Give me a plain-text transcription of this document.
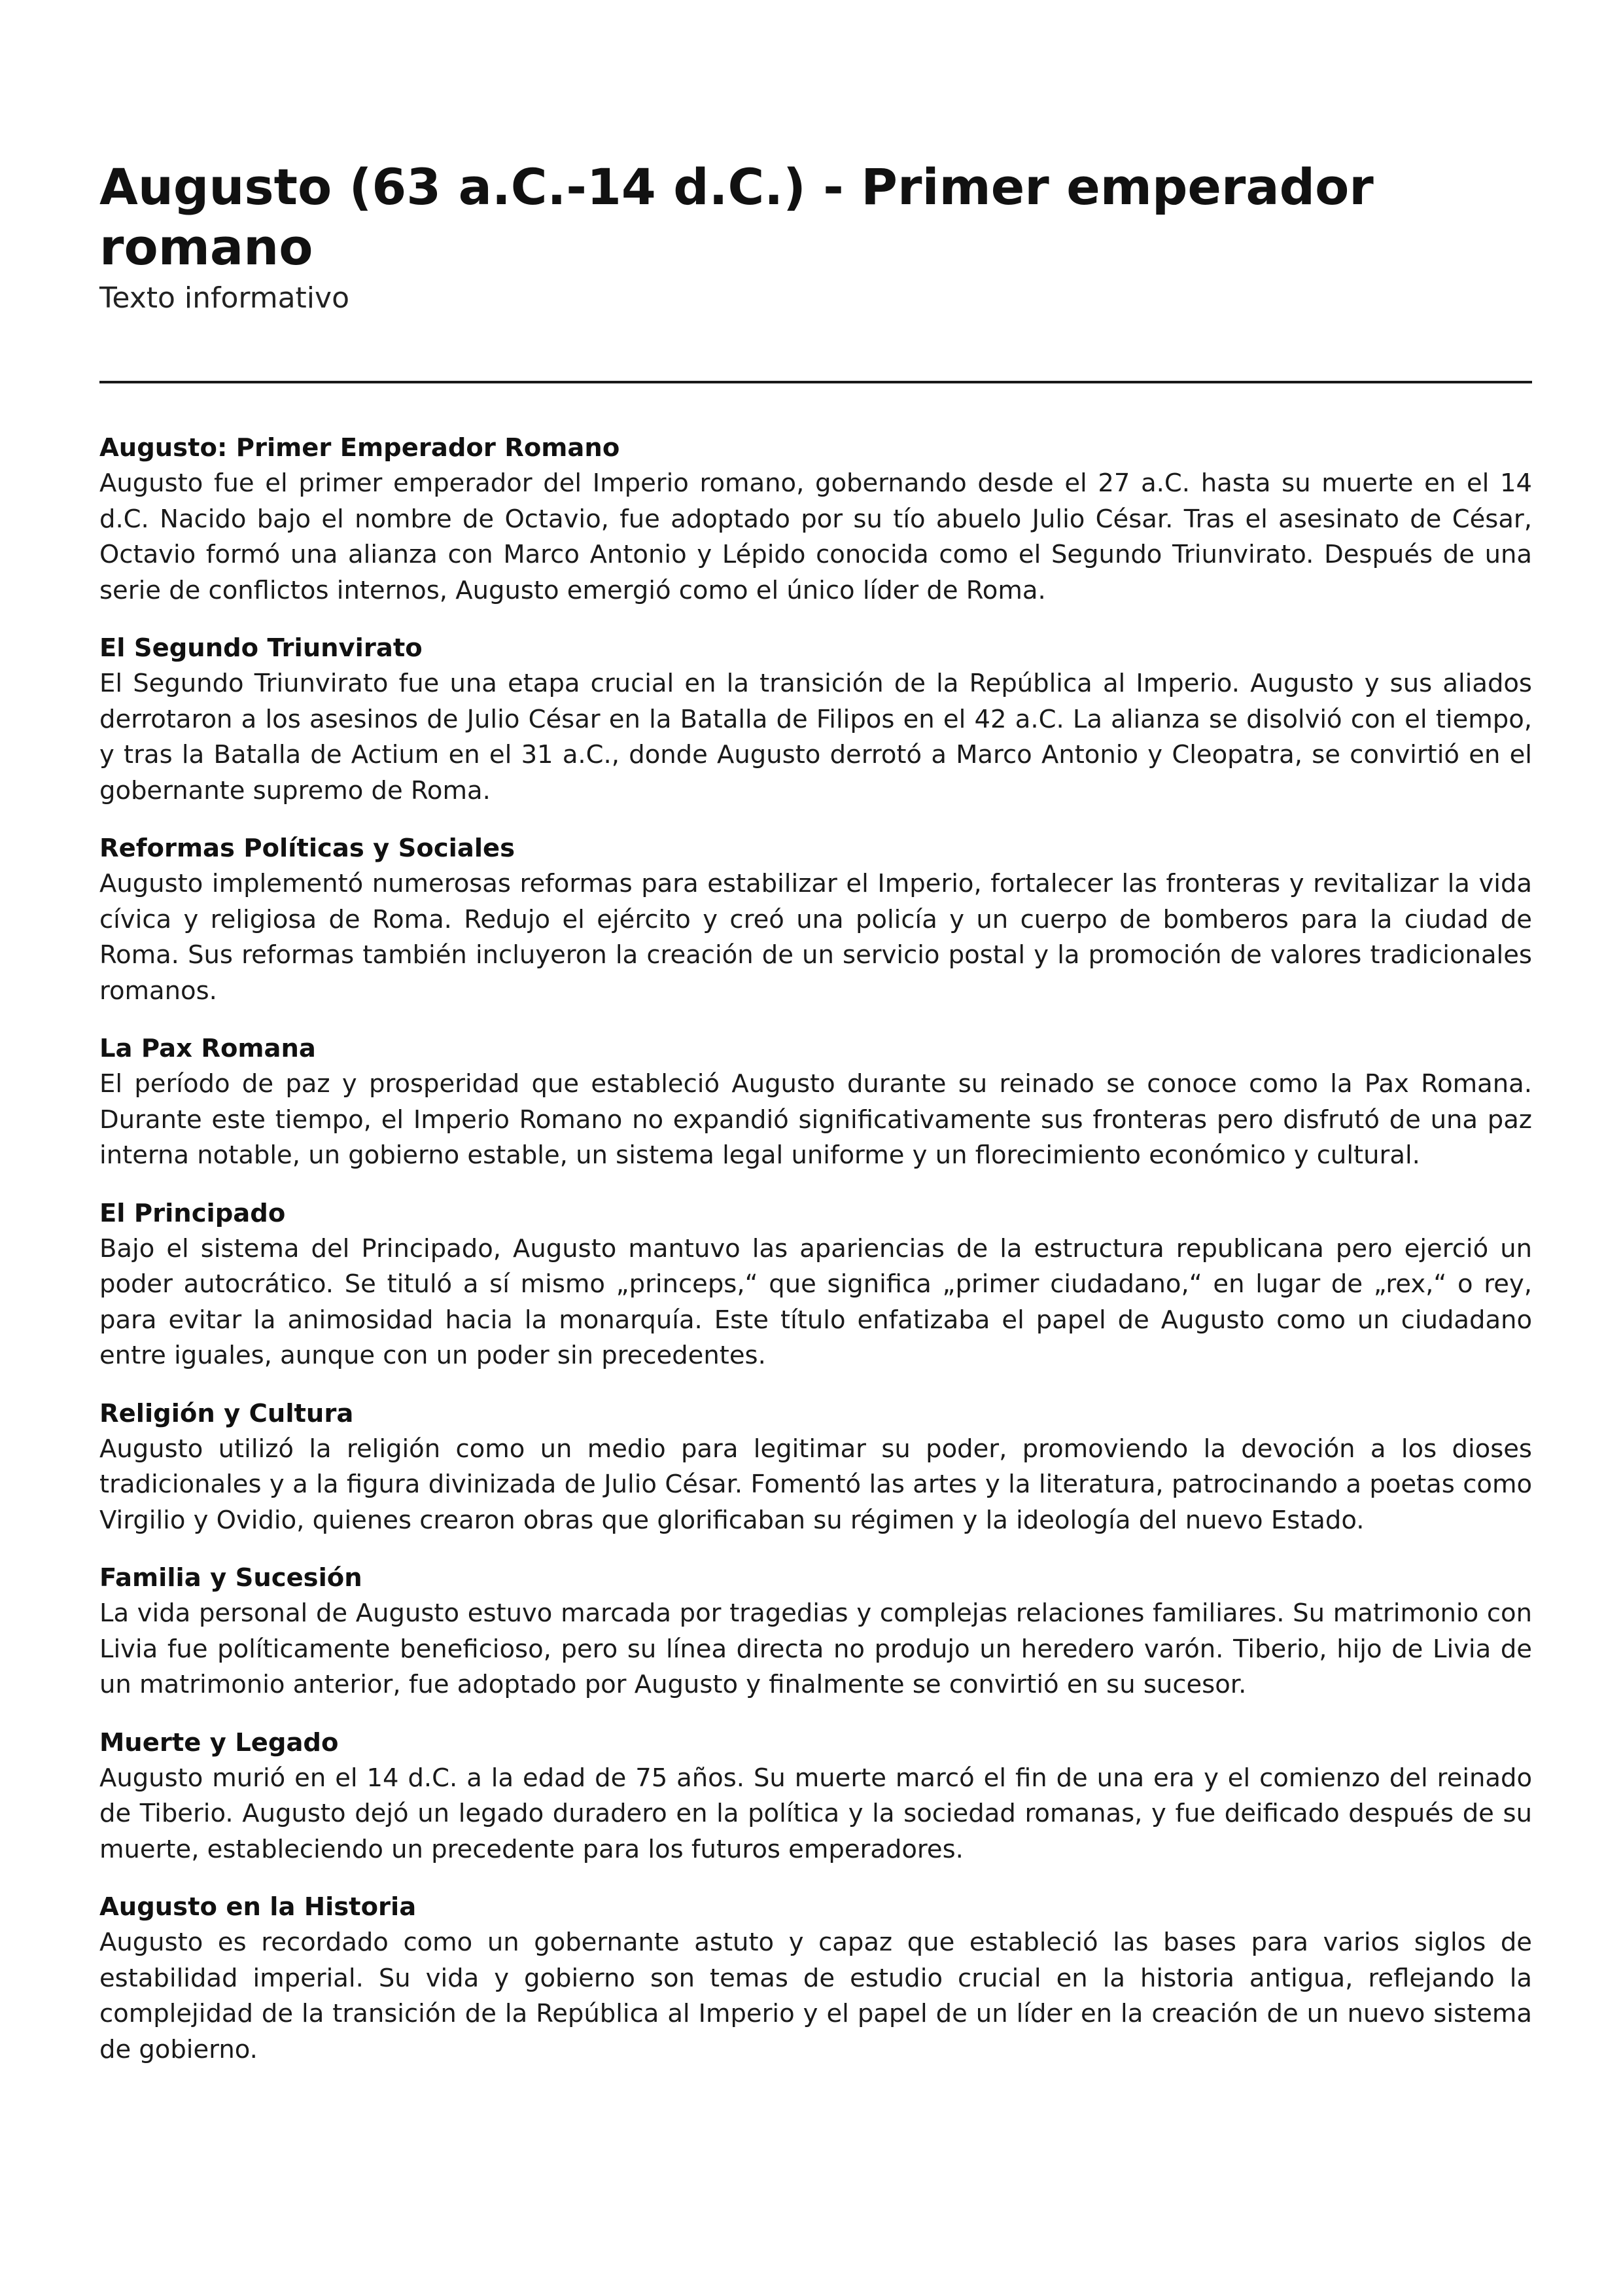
Augusto (63 a.C.-14 d.C.) - Primer emperador romano

Texto informativo

Augusto: Primer Emperador Romano

Augusto fue el primer emperador del Imperio romano, gobernando desde el 27 a.C. hasta su muerte en el 14 d.C. Nacido bajo el nombre de Octavio, fue adoptado por su tío abuelo Julio César. Tras el asesinato de César, Octavio formó una alianza con Marco Antonio y Lépido conocida como el Segundo Triunvirato. Después de una serie de conflictos internos, Augusto emergió como el único líder de Roma.

El Segundo Triunvirato

El Segundo Triunvirato fue una etapa crucial en la transición de la República al Imperio. Augusto y sus aliados derrotaron a los asesinos de Julio César en la Batalla de Filipos en el 42 a.C. La alianza se disolvió con el tiempo, y tras la Batalla de Actium en el 31 a.C., donde Augusto derrotó a Marco Antonio y Cleopatra, se convirtió en el gobernante supremo de Roma.

Reformas Políticas y Sociales

Augusto implementó numerosas reformas para estabilizar el Imperio, fortalecer las fronteras y revitalizar la vida cívica y religiosa de Roma. Redujo el ejército y creó una policía y un cuerpo de bomberos para la ciudad de Roma. Sus reformas también incluyeron la creación de un servicio postal y la promoción de valores tradicionales romanos.

La Pax Romana

El período de paz y prosperidad que estableció Augusto durante su reinado se conoce como la Pax Romana. Durante este tiempo, el Imperio Romano no expandió significativamente sus fronteras pero disfrutó de una paz interna notable, un gobierno estable, un sistema legal uniforme y un florecimiento económico y cultural.

El Principado

Bajo el sistema del Principado, Augusto mantuvo las apariencias de la estructura republicana pero ejerció un poder autocrático. Se tituló a sí mismo „princeps,“ que significa „primer ciudadano,“ en lugar de „rex,“ o rey, para evitar la animosidad hacia la monarquía. Este título enfatizaba el papel de Augusto como un ciudadano entre iguales, aunque con un poder sin precedentes.

Religión y Cultura

Augusto utilizó la religión como un medio para legitimar su poder, promoviendo la devoción a los dioses tradicionales y a la figura divinizada de Julio César. Fomentó las artes y la literatura, patrocinando a poetas como Virgilio y Ovidio, quienes crearon obras que glorificaban su régimen y la ideología del nuevo Estado.

Familia y Sucesión

La vida personal de Augusto estuvo marcada por tragedias y complejas relaciones familiares. Su matrimonio con Livia fue políticamente beneficioso, pero su línea directa no produjo un heredero varón. Tiberio, hijo de Livia de un matrimonio anterior, fue adoptado por Augusto y finalmente se convirtió en su sucesor.

Muerte y Legado

Augusto murió en el 14 d.C. a la edad de 75 años. Su muerte marcó el fin de una era y el comienzo del reinado de Tiberio. Augusto dejó un legado duradero en la política y la sociedad romanas, y fue deificado después de su muerte, estableciendo un precedente para los futuros emperadores.

Augusto en la Historia

Augusto es recordado como un gobernante astuto y capaz que estableció las bases para varios siglos de estabilidad imperial. Su vida y gobierno son temas de estudio crucial en la historia antigua, reflejando la complejidad de la transición de la República al Imperio y el papel de un líder en la creación de un nuevo sistema de gobierno.
